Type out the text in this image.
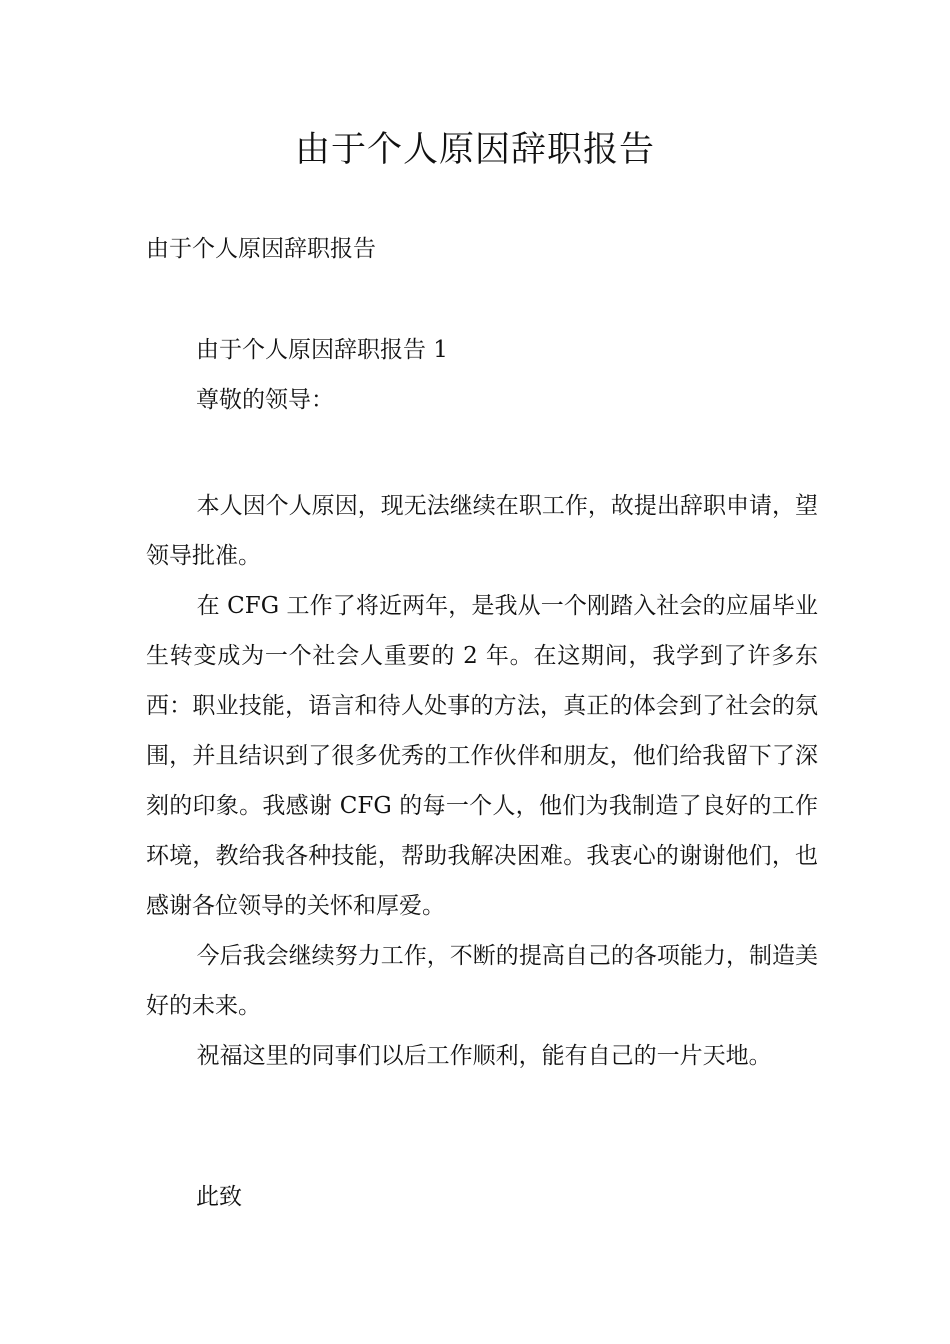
由于个人原因辞职报告

由于个人原因辞职报告

由于个人原因辞职报告 1

尊敬的领导：

本人因个人原因，现无法继续在职工作，故提出辞职申请，望领导批准。

在 CFG 工作了将近两年，是我从一个刚踏入社会的应届毕业生转变成为一个社会人重要的 2 年。在这期间，我学到了许多东西：职业技能，语言和待人处事的方法，真正的体会到了社会的氛围，并且结识到了很多优秀的工作伙伴和朋友，他们给我留下了深刻的印象。我感谢 CFG 的每一个人，他们为我制造了良好的工作环境，教给我各种技能，帮助我解决困难。我衷心的谢谢他们，也感谢各位领导的关怀和厚爱。

今后我会继续努力工作，不断的提高自己的各项能力，制造美好的未来。

祝福这里的同事们以后工作顺利，能有自己的一片天地。

此致
